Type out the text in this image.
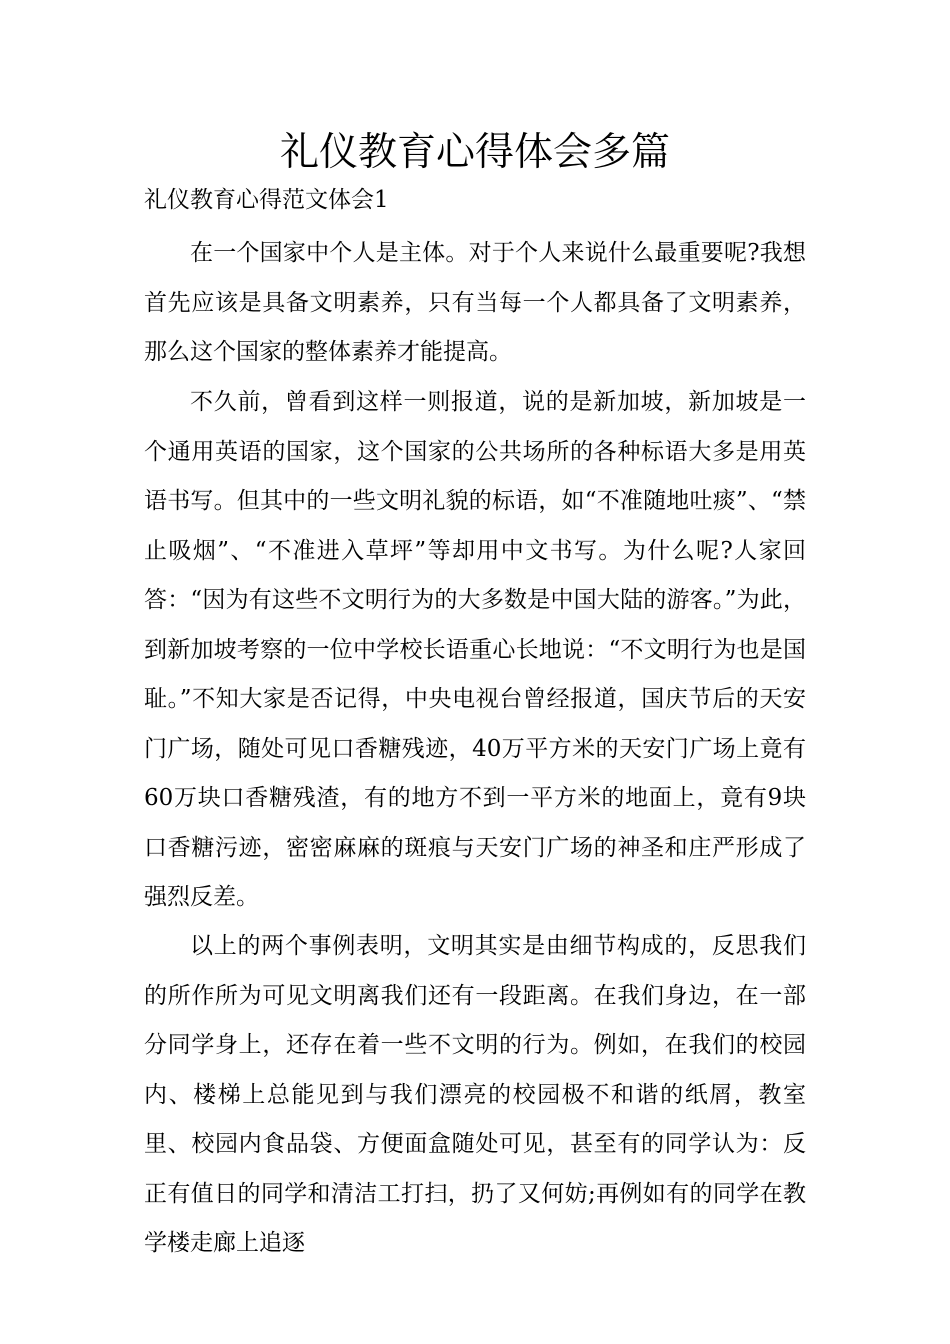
礼仪教育心得体会多篇
礼仪教育心得范文体会1

在一个国家中个人是主体。对于个人来说什么最重要呢?我想首先应该是具备文明素养，只有当每一个人都具备了文明素养，那么这个国家的整体素养才能提高。

不久前，曾看到这样一则报道，说的是新加坡，新加坡是一个通用英语的国家，这个国家的公共场所的各种标语大多是用英语书写。但其中的一些文明礼貌的标语，如“不准随地吐痰”、“禁止吸烟”、“不准进入草坪”等却用中文书写。为什么呢?人家回答：“因为有这些不文明行为的大多数是中国大陆的游客。”为此，到新加坡考察的一位中学校长语重心长地说：“不文明行为也是国耻。”不知大家是否记得，中央电视台曾经报道，国庆节后的天安门广场，随处可见口香糖残迹，40万平方米的天安门广场上竟有60万块口香糖残渣，有的地方不到一平方米的地面上，竟有9块口香糖污迹，密密麻麻的斑痕与天安门广场的神圣和庄严形成了强烈反差。

以上的两个事例表明，文明其实是由细节构成的，反思我们的所作所为可见文明离我们还有一段距离。在我们身边，在一部分同学身上，还存在着一些不文明的行为。例如，在我们的校园内、楼梯上总能见到与我们漂亮的校园极不和谐的纸屑，教室里、校园内食品袋、方便面盒随处可见，甚至有的同学认为：反正有值日的同学和清洁工打扫，扔了又何妨;再例如有的同学在教学楼走廊上追逐
